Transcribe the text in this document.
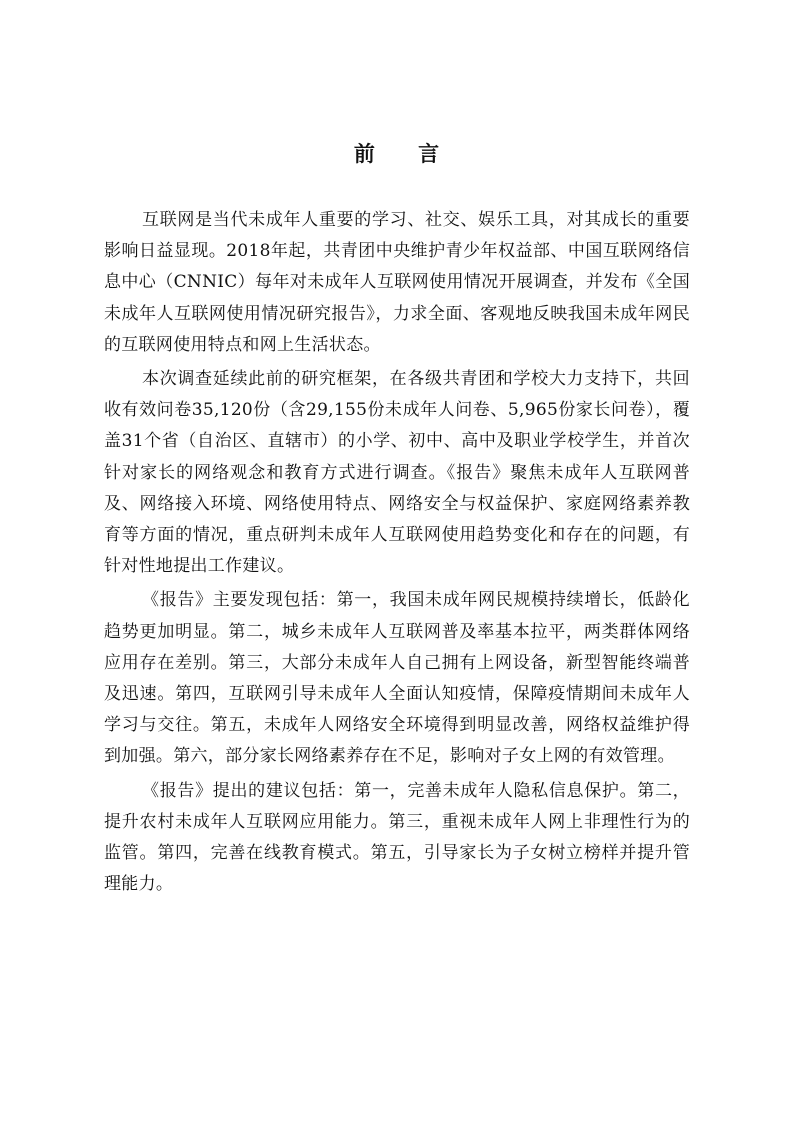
前 言

互联网是当代未成年人重要的学习、社交、娱乐工具，对其成长的重要影响日益显现。2018年起，共青团中央维护青少年权益部、中国互联网络信息中心（CNNIC）每年对未成年人互联网使用情况开展调查，并发布《全国未成年人互联网使用情况研究报告》，力求全面、客观地反映我国未成年网民的互联网使用特点和网上生活状态。

本次调查延续此前的研究框架，在各级共青团和学校大力支持下，共回收有效问卷35,120份（含29,155份未成年人问卷、5,965份家长问卷），覆盖31个省（自治区、直辖市）的小学、初中、高中及职业学校学生，并首次针对家长的网络观念和教育方式进行调查。《报告》聚焦未成年人互联网普及、网络接入环境、网络使用特点、网络安全与权益保护、家庭网络素养教育等方面的情况，重点研判未成年人互联网使用趋势变化和存在的问题，有针对性地提出工作建议。

《报告》主要发现包括：第一，我国未成年网民规模持续增长，低龄化趋势更加明显。第二，城乡未成年人互联网普及率基本拉平，两类群体网络应用存在差别。第三，大部分未成年人自己拥有上网设备，新型智能终端普及迅速。第四，互联网引导未成年人全面认知疫情，保障疫情期间未成年人学习与交往。第五，未成年人网络安全环境得到明显改善，网络权益维护得到加强。第六，部分家长网络素养存在不足，影响对子女上网的有效管理。

《报告》提出的建议包括：第一，完善未成年人隐私信息保护。第二，提升农村未成年人互联网应用能力。第三，重视未成年人网上非理性行为的监管。第四，完善在线教育模式。第五，引导家长为子女树立榜样并提升管理能力。
